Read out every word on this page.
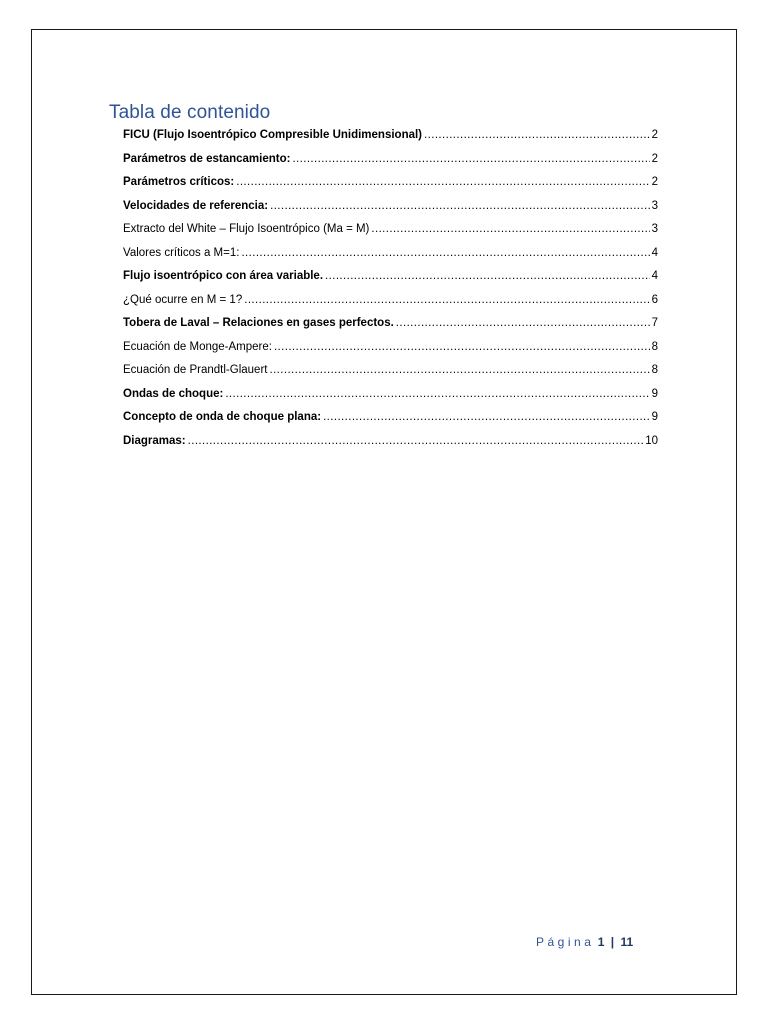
Tabla de contenido
FICU (Flujo Isoentrópico Compresible Unidimensional) .....	2
Parámetros de estancamiento: .....	2
Parámetros críticos: .....	2
Velocidades de referencia: .....	3
Extracto del White – Flujo Isoentrópico (Ma = M) .....	3
Valores críticos a M=1: .....	4
Flujo isoentrópico con área variable. .....	4
¿Qué ocurre en M = 1? .....	6
Tobera de Laval – Relaciones en gases perfectos. .....	7
Ecuación de Monge-Ampere: .....	8
Ecuación de Prandtl-Glauert .....	8
Ondas de choque: .....	9
Concepto de onda de choque plana: .....	9
Diagramas: .....	10
Página 1 | 11
